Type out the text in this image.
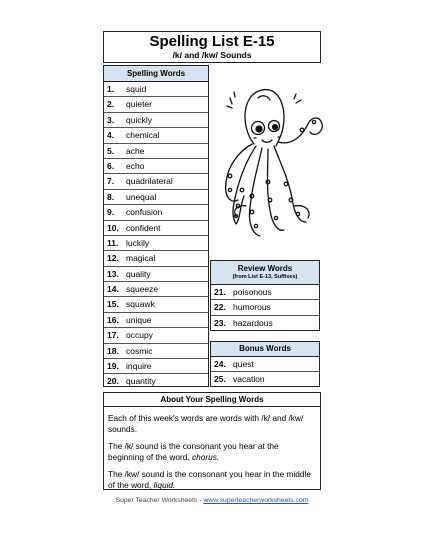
Spelling List E-15
/k/ and /kw/ Sounds
Spelling Words
1. squid
2. quieter
3. quickly
4. chemical
5. ache
6. echo
7. quadrilateral
8. unequal
9. confusion
10. confident
11. luckily
12. magical
13. quality
14. squeeze
15. squawk
16. unique
17. occupy
18. cosmic
19. inquire
20. quantity
Review Words
(from List E-13, Suffixes)
21. poisonous
22. humorous
23. hazardous
Bonus Words
24. quest
25. vacation
About Your Spelling Words

Each of this week's words are words with /k/ and /kw/ sounds.

The /k/ sound is the consonant you hear at the beginning of the word, chorus.

The /kw/ sound is the consonant you hear in the middle of the word, liquid.

Super Teacher Worksheets - www.superteacherworksheets.com
